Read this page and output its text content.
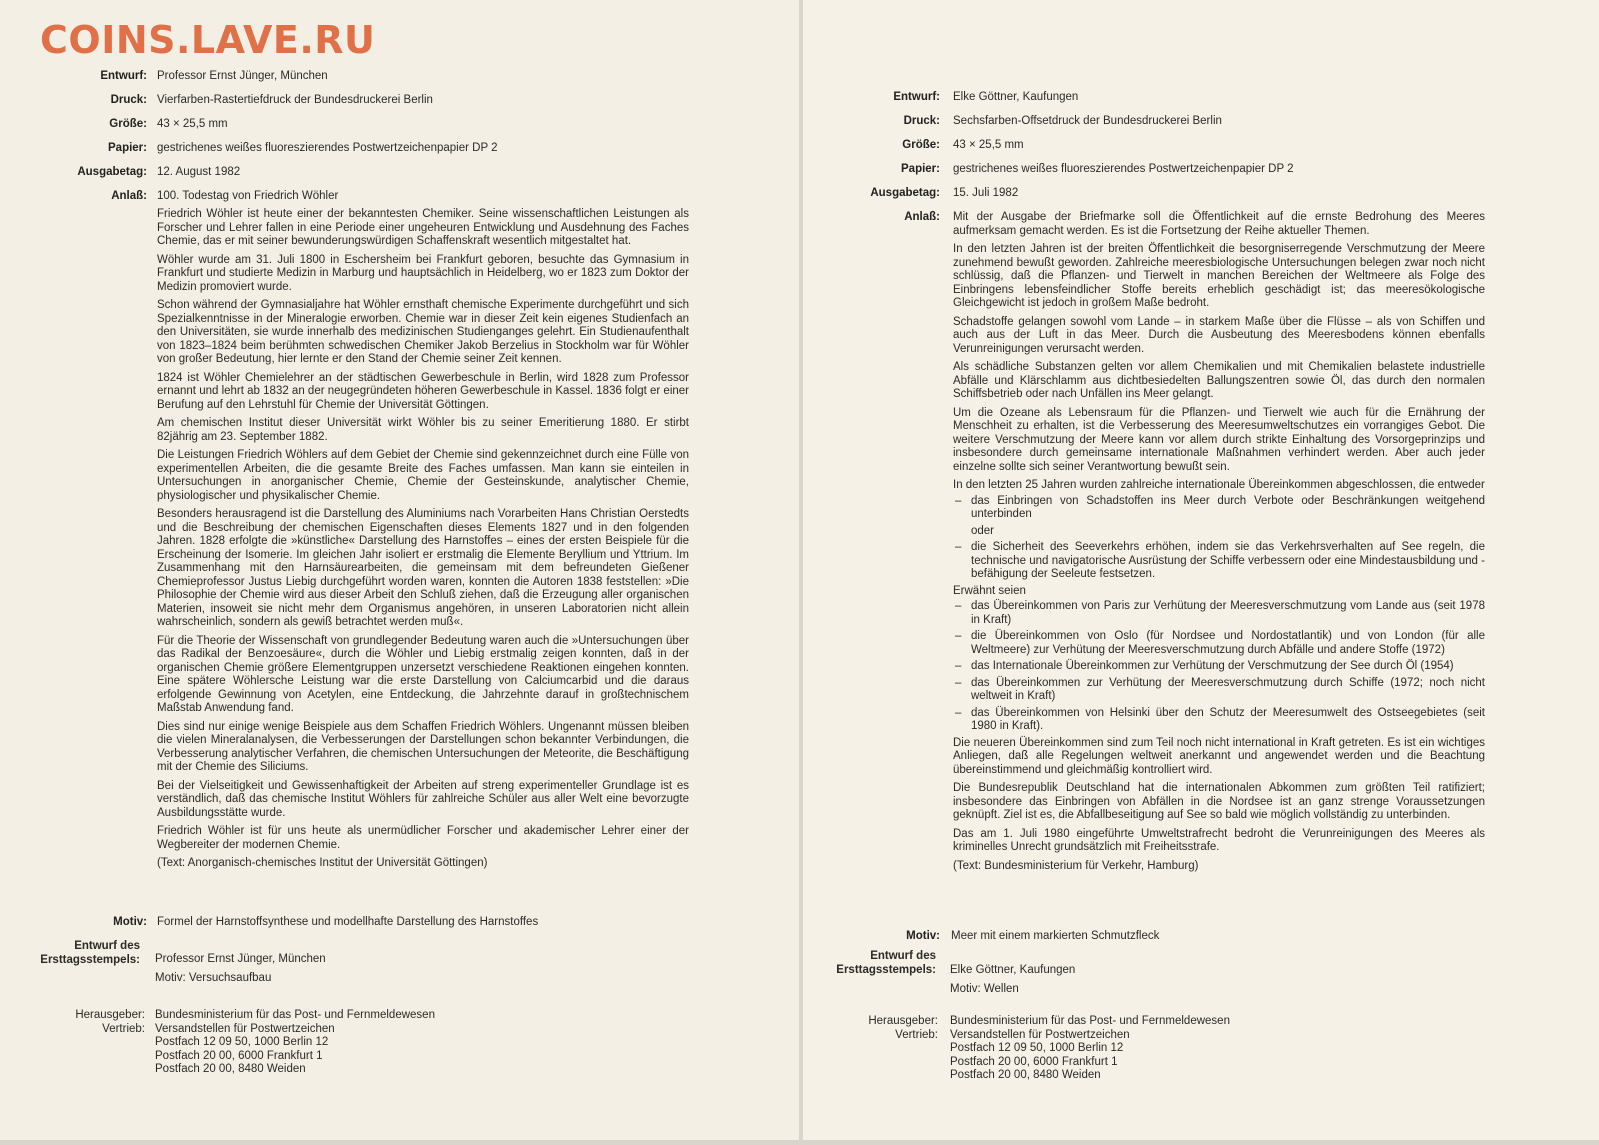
COINS.LAVE.RU
Entwurf: Professor Ernst Jünger, München
Druck: Vierfarben-Rastertiefdruck der Bundesdruckerei Berlin
Größe: 43 × 25,5 mm
Papier: gestrichenes weißes fluoreszierendes Postwertzeichenpapier DP 2
Ausgabetag: 12. August 1982
Anlaß: 100. Todestag von Friedrich Wöhler

Friedrich Wöhler ist heute einer der bekanntesten Chemiker. Seine wissenschaftlichen Leistungen als Forscher und Lehrer fallen in eine Periode einer ungeheuren Entwicklung und Ausdehnung des Faches Chemie, das er mit seiner bewunderungswürdigen Schaffenskraft wesentlich mitgestaltet hat.

Wöhler wurde am 31. Juli 1800 in Eschersheim bei Frankfurt geboren, besuchte das Gymnasium in Frankfurt und studierte Medizin in Marburg und hauptsächlich in Heidelberg, wo er 1823 zum Doktor der Medizin promoviert wurde.

Schon während der Gymnasialjahre hat Wöhler ernsthaft chemische Experimente durchgeführt und sich Spezialkenntnisse in der Mineralogie erworben. Chemie war in dieser Zeit kein eigenes Studienfach an den Universitäten, sie wurde innerhalb des medizinischen Studienganges gelehrt. Ein Studienaufenthalt von 1823–1824 beim berühmten schwedischen Chemiker Jakob Berzelius in Stockholm war für Wöhler von großer Bedeutung, hier lernte er den Stand der Chemie seiner Zeit kennen.

1824 ist Wöhler Chemielehrer an der städtischen Gewerbeschule in Berlin, wird 1828 zum Professor ernannt und lehrt ab 1832 an der neugegründeten höheren Gewerbeschule in Kassel. 1836 folgt er einer Berufung auf den Lehrstuhl für Chemie der Universität Göttingen.

Am chemischen Institut dieser Universität wirkt Wöhler bis zu seiner Emeritierung 1880. Er stirbt 82jährig am 23. September 1882.

Die Leistungen Friedrich Wöhlers auf dem Gebiet der Chemie sind gekennzeichnet durch eine Fülle von experimentellen Arbeiten, die die gesamte Breite des Faches umfassen. Man kann sie einteilen in Untersuchungen in anorganischer Chemie, Chemie der Gesteinskunde, analytischer Chemie, physiologischer und physikalischer Chemie.

Besonders herausragend ist die Darstellung des Aluminiums nach Vorarbeiten Hans Christian Oerstedts und die Beschreibung der chemischen Eigenschaften dieses Elements 1827 und in den folgenden Jahren. 1828 erfolgte die »künstliche« Darstellung des Harnstoffes – eines der ersten Beispiele für die Erscheinung der Isomerie. Im gleichen Jahr isoliert er erstmalig die Elemente Beryllium und Yttrium. Im Zusammenhang mit den Harnsäurearbeiten, die gemeinsam mit dem befreundeten Gießener Chemieprofessor Justus Liebig durchgeführt worden waren, konnten die Autoren 1838 feststellen: »Die Philosophie der Chemie wird aus dieser Arbeit den Schluß ziehen, daß die Erzeugung aller organischen Materien, insoweit sie nicht mehr dem Organismus angehören, in unseren Laboratorien nicht allein wahrscheinlich, sondern als gewiß betrachtet werden muß«.

Für die Theorie der Wissenschaft von grundlegender Bedeutung waren auch die »Untersuchungen über das Radikal der Benzoesäure«, durch die Wöhler und Liebig erstmalig zeigen konnten, daß in der organischen Chemie größere Elementgruppen unzersetzt verschiedene Reaktionen eingehen konnten. Eine spätere Wöhlersche Leistung war die erste Darstellung von Calciumcarbid und die daraus erfolgende Gewinnung von Acetylen, eine Entdeckung, die Jahrzehnte darauf in großtechnischem Maßstab Anwendung fand.

Dies sind nur einige wenige Beispiele aus dem Schaffen Friedrich Wöhlers. Ungenannt müssen bleiben die vielen Mineralanalysen, die Verbesserungen der Darstellungen schon bekannter Verbindungen, die Verbesserung analytischer Verfahren, die chemischen Untersuchungen der Meteorite, die Beschäftigung mit der Chemie des Siliciums.

Bei der Vielseitigkeit und Gewissenhaftigkeit der Arbeiten auf streng experimenteller Grundlage ist es verständlich, daß das chemische Institut Wöhlers für zahlreiche Schüler aus aller Welt eine bevorzugte Ausbildungsstätte wurde.

Friedrich Wöhler ist für uns heute als unermüdlicher Forscher und akademischer Lehrer einer der Wegbereiter der modernen Chemie.

(Text: Anorganisch-chemisches Institut der Universität Göttingen)

Motiv: Formel der Harnstoffsynthese und modellhafte Darstellung des Harnstoffes
Entwurf des
Ersttagsstempels: Professor Ernst Jünger, München
Motiv: Versuchsaufbau
Herausgeber:
Vertrieb:
Bundesministerium für das Post- und Fernmeldewesen
Versandstellen für Postwertzeichen
Postfach 12 09 50, 1000 Berlin 12
Postfach 20 00, 6000 Frankfurt 1
Postfach 20 00, 8480 Weiden
Entwurf: Elke Göttner, Kaufungen
Druck: Sechsfarben-Offsetdruck der Bundesdruckerei Berlin
Größe: 43 × 25,5 mm
Papier: gestrichenes weißes fluoreszierendes Postwertzeichenpapier DP 2
Ausgabetag: 15. Juli 1982
Anlaß: Mit der Ausgabe der Briefmarke soll die Öffentlichkeit auf die ernste Bedrohung des Meeres aufmerksam gemacht werden. Es ist die Fortsetzung der Reihe aktueller Themen.

In den letzten Jahren ist der breiten Öffentlichkeit die besorgniserregende Verschmutzung der Meere zunehmend bewußt geworden. Zahlreiche meeresbiologische Untersuchungen belegen zwar noch nicht schlüssig, daß die Pflanzen- und Tierwelt in manchen Bereichen der Weltmeere als Folge des Einbringens lebensfeindlicher Stoffe bereits erheblich geschädigt ist; das meeresökologische Gleichgewicht ist jedoch in großem Maße bedroht.

Schadstoffe gelangen sowohl vom Lande – in starkem Maße über die Flüsse – als von Schiffen und auch aus der Luft in das Meer. Durch die Ausbeutung des Meeresbodens können ebenfalls Verunreinigungen verursacht werden.

Als schädliche Substanzen gelten vor allem Chemikalien und mit Chemikalien belastete industrielle Abfälle und Klärschlamm aus dichtbesiedelten Ballungszentren sowie Öl, das durch den normalen Schiffsbetrieb oder nach Unfällen ins Meer gelangt.

Um die Ozeane als Lebensraum für die Pflanzen- und Tierwelt wie auch für die Ernährung der Menschheit zu erhalten, ist die Verbesserung des Meeresumweltschutzes ein vorrangiges Gebot. Die weitere Verschmutzung der Meere kann vor allem durch strikte Einhaltung des Vorsorgeprinzips und insbesondere durch gemeinsame internationale Maßnahmen verhindert werden. Aber auch jeder einzelne sollte sich seiner Verantwortung bewußt sein.

In den letzten 25 Jahren wurden zahlreiche internationale Übereinkommen abgeschlossen, die entweder

– das Einbringen von Schadstoffen ins Meer durch Verbote oder Beschränkungen weitgehend unterbinden

oder

– die Sicherheit des Seeverkehrs erhöhen, indem sie das Verkehrsverhalten auf See regeln, die technische und navigatorische Ausrüstung der Schiffe verbessern oder eine Mindestausbildung und -befähigung der Seeleute festsetzen.

Erwähnt seien

– das Übereinkommen von Paris zur Verhütung der Meeresverschmutzung vom Lande aus (seit 1978 in Kraft)

– die Übereinkommen von Oslo (für Nordsee und Nordostatlantik) und von London (für alle Weltmeere) zur Verhütung der Meeresverschmutzung durch Abfälle und andere Stoffe (1972)

– das Internationale Übereinkommen zur Verhütung der Verschmutzung der See durch Öl (1954)

– das Übereinkommen zur Verhütung der Meeresverschmutzung durch Schiffe (1972; noch nicht weltweit in Kraft)

– das Übereinkommen von Helsinki über den Schutz der Meeresumwelt des Ostseegebietes (seit 1980 in Kraft).

Die neueren Übereinkommen sind zum Teil noch nicht international in Kraft getreten. Es ist ein wichtiges Anliegen, daß alle Regelungen weltweit anerkannt und angewendet werden und die Beachtung übereinstimmend und gleichmäßig kontrolliert wird.

Die Bundesrepublik Deutschland hat die internationalen Abkommen zum größten Teil ratifiziert; insbesondere das Einbringen von Abfällen in die Nordsee ist an ganz strenge Voraussetzungen geknüpft. Ziel ist es, die Abfallbeseitigung auf See so bald wie möglich vollständig zu unterbinden.

Das am 1. Juli 1980 eingeführte Umweltstrafrecht bedroht die Verunreinigungen des Meeres als kriminelles Unrecht grundsätzlich mit Freiheitsstrafe.

(Text: Bundesministerium für Verkehr, Hamburg)

Motiv: Meer mit einem markierten Schmutzfleck
Entwurf des
Ersttagsstempels: Elke Göttner, Kaufungen
Motiv: Wellen
Herausgeber:
Vertrieb:
Bundesministerium für das Post- und Fernmeldewesen
Versandstellen für Postwertzeichen
Postfach 12 09 50, 1000 Berlin 12
Postfach 20 00, 6000 Frankfurt 1
Postfach 20 00, 8480 Weiden
